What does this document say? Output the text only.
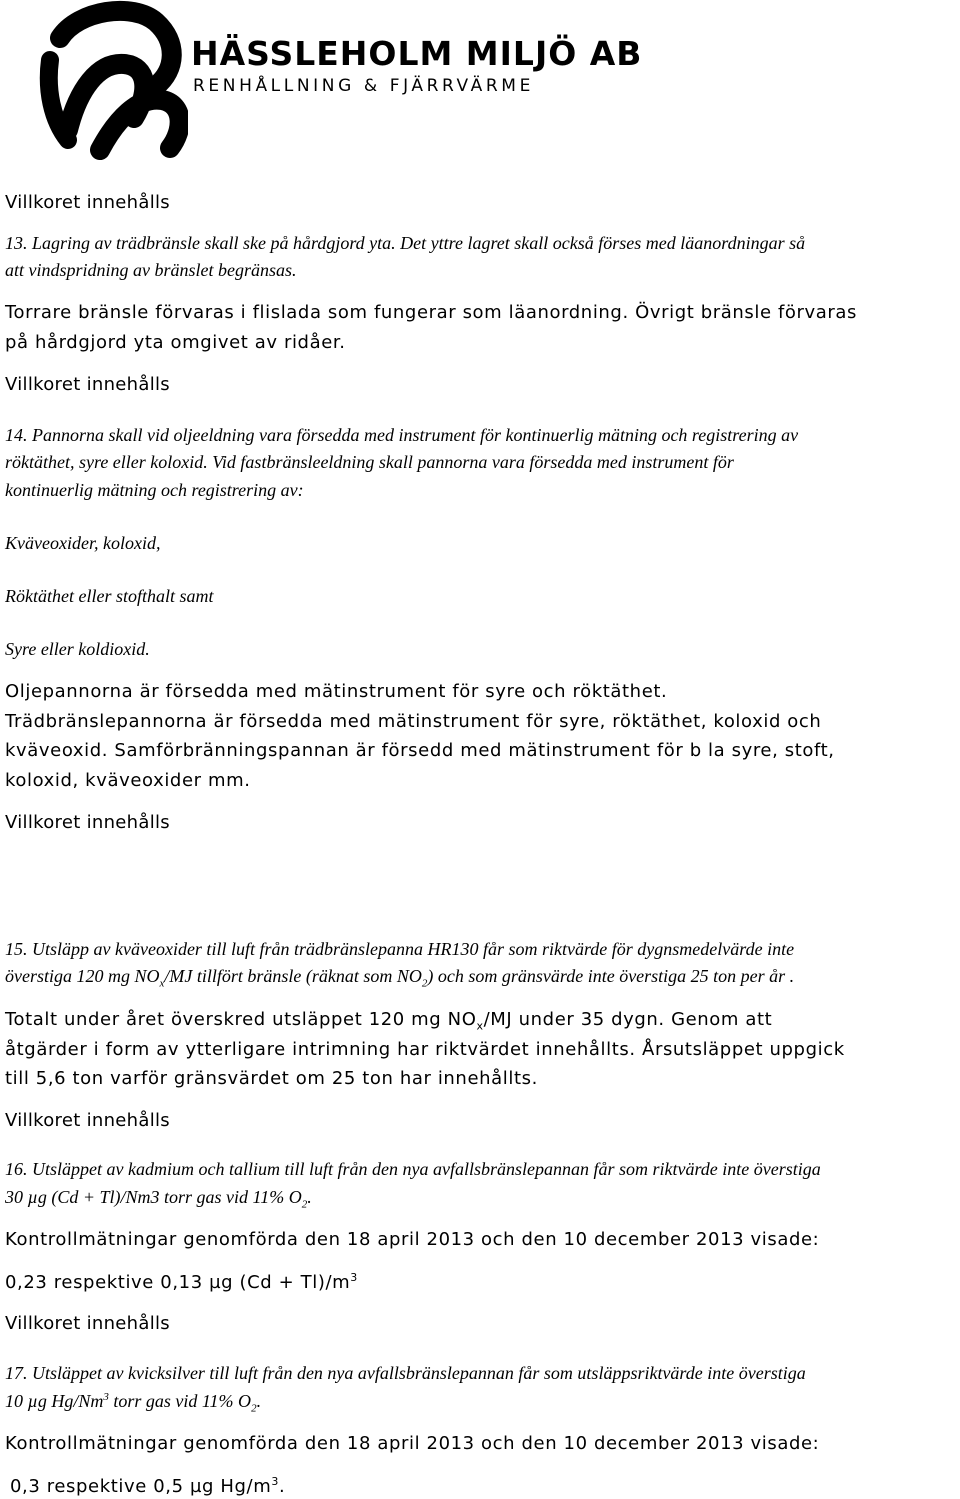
HÄSSLEHOLM MILJÖ AB
RENHÅLLNING & FJÄRRVÄRME
Villkoret innehålls
13. Lagring av trädbränsle skall ske på hårdgjord yta. Det yttre lagret skall också förses med läanordningar så
att vindspridning av bränslet begränsas.
Torrare bränsle förvaras i flislada som fungerar som läanordning. Övrigt bränsle förvaras
på hårdgjord yta omgivet av ridåer.
Villkoret innehålls
14. Pannorna skall vid oljeeldning vara försedda med instrument för kontinuerlig mätning och registrering av
röktäthet, syre eller koloxid. Vid fastbränsleeldning skall pannorna vara försedda med instrument för
kontinuerlig mätning och registrering av:
Kväveoxider, koloxid,
Röktäthet eller stofthalt samt
Syre eller koldioxid.
Oljepannorna är försedda med mätinstrument för syre och röktäthet.
Trädbränslepannorna är försedda med mätinstrument för syre, röktäthet, koloxid och
kväveoxid. Samförbränningspannan är försedd med mätinstrument för b la syre, stoft,
koloxid, kväveoxider mm.
Villkoret innehålls
15. Utsläpp av kväveoxider till luft från trädbränslepanna HR130 får som riktvärde för dygnsmedelvärde inte
överstiga 120 mg $NO_x/MJ$ tillfört bränsle (räknat som $NO_2$) och som gränsvärde inte överstiga 25 ton per år .
Totalt under året överskred utsläppet 120 mg $NO_x/MJ$ under 35 dygn. Genom att
åtgärder i form av ytterligare intrimning har riktvärdet innehållts. Årsutsläppet uppgick
till 5,6 ton varför gränsvärdet om 25 ton har innehållts.
Villkoret innehålls
16. Utsläppet av kadmium och tallium till luft från den nya avfallsbränslepannan får som riktvärde inte överstiga
30 µg (Cd + Tl)/Nm3 torr gas vid 11% $O_2$.
Kontrollmätningar genomförda den 18 april 2013 och den 10 december 2013 visade:
0,23 respektive 0,13 µg $(Cd + Tl)/m^3$
Villkoret innehålls
17. Utsläppet av kvicksilver till luft från den nya avfallsbränslepannan får som utsläppsriktvärde inte överstiga
10 µg Hg/Nm$^3$ torr gas vid 11% $O_2$.
Kontrollmätningar genomförda den 18 april 2013 och den 10 december 2013 visade:
0,3 respektive 0,5 µg $Hg/m^3$.
